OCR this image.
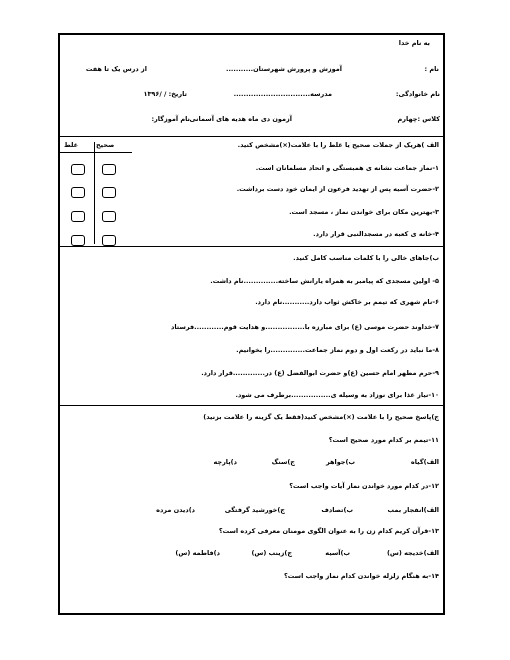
به نام خدا
نام :
آموزش و پرورش شهرستان...........
از درس یک تا هفت
نام خانوادگی:
مدرسه...............................
تاریخ: / /۱۳۹۶
کلاس :چهارم
آزمون دی ماه هدیه های آسمانی
نام آموزگار:
الف )هریک از جملات صحیح یا غلط را با علامت(×)مشخص کنید.
صحیح
غلط
۱-نماز جماعت نشانه ی همبستگی و اتحاد مسلمانان است.
۲-حضرت آسیه پس از تهدید فرعون از ایمان خود دست برداشت.
۳-بهترین مکان برای خواندن نماز ، مسجد است.
۴-خانه ی کعبه در مسجدالنبی قرار دارد.
ب)جاهای خالی را با کلمات مناسب کامل کنید.
۵- اولین مسجدی که پیامبر به همراه یارانش ساخته..............نام داشت.
۶-نام شهری که تیمم بر خاکش ثواب دارد...........نام دارد.
۷-خداوند حضرت موسی (ع) برای مبارزه با................و هدایت قوم............فرستاد
۸-ما نباید در رکعت اول و دوم نماز جماعت..............را بخوانیم.
۹-حرم مطهر امام حسین (ع)و حضرت ابوالفضل (ع) در.............قرار دارد.
۱۰-نیاز غذا برای نوزاد به وسیله ی................برطرف می شود.
ج)پاسخ صحیح را با علامت (×)مشخص کنید(فقط یک گزینه را علامت بزنید)
۱۱-تیمم بر کدام مورد صحیح است؟
الف)گیاه
ب)جواهر
ج)سنگ
د)پارچه
۱۲-در کدام مورد خواندن نماز آیات واجب است؟
الف)انفجار بمب
ب)تصادف
ج)خورشید گرفتگی
د)دیدن مرده
۱۳-قرآن کریم کدام زن را به عنوان الگوی مومنان معرفی کرده است؟
الف)خدیجه (س)
ب)آسیه
ج)زینب (س)
د)فاطمه (س)
۱۴-به هنگام زلزله خواندن کدام نماز واجب است؟
